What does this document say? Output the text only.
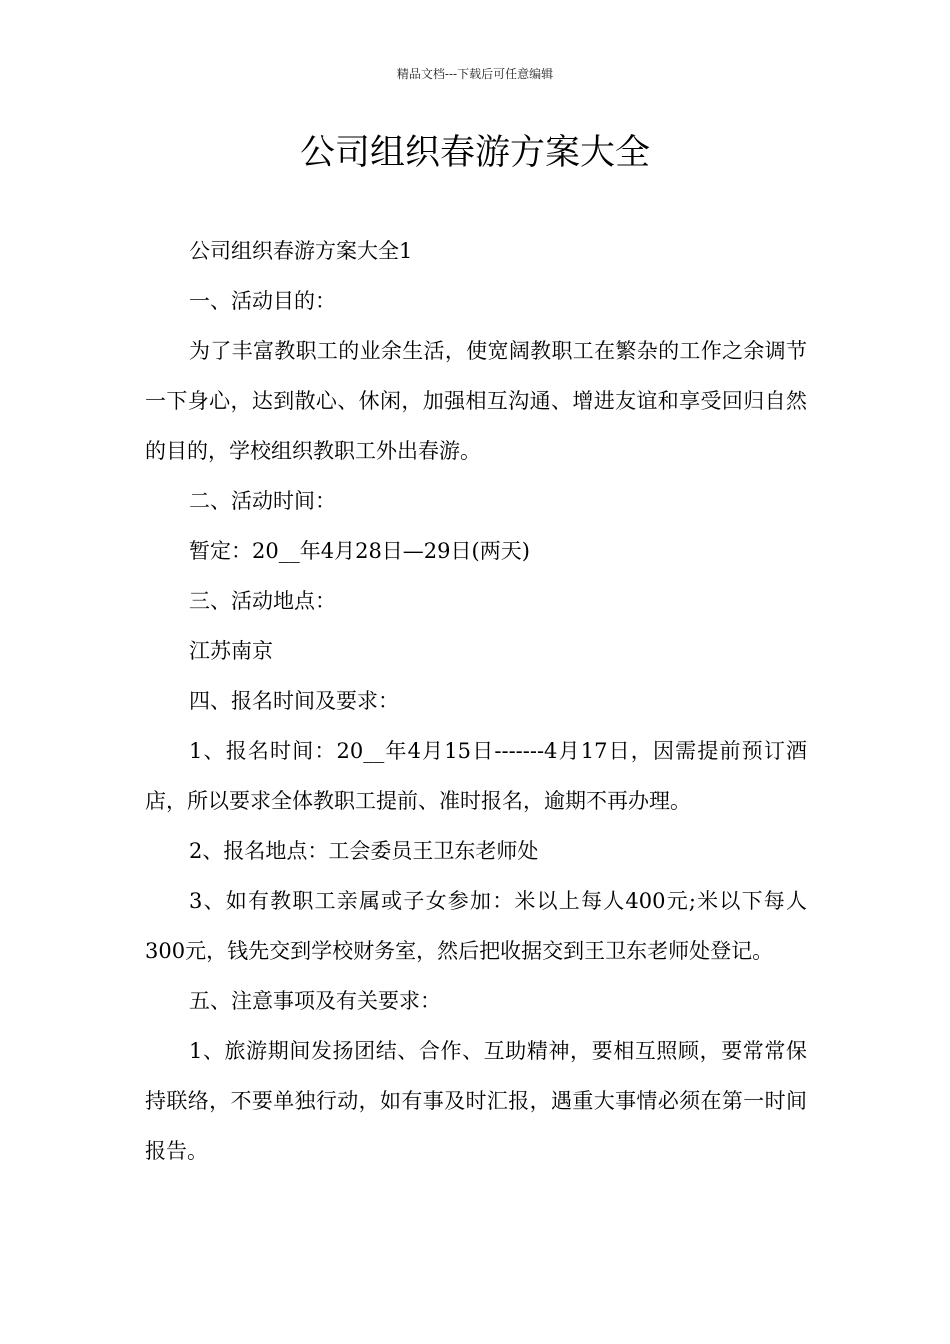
精品文档---下载后可任意编辑
公司组织春游方案大全

公司组织春游方案大全1

一、活动目的：

为了丰富教职工的业余生活，使宽阔教职工在繁杂的工作之余调节一下身心，达到散心、休闲，加强相互沟通、增进友谊和享受回归自然的目的，学校组织教职工外出春游。

二、活动时间：

暂定：20__年4月28日—29日(两天)

三、活动地点：

江苏南京

四、报名时间及要求：

1、报名时间：20__年4月15日-------4月17日，因需提前预订酒店，所以要求全体教职工提前、准时报名，逾期不再办理。

2、报名地点：工会委员王卫东老师处

3、如有教职工亲属或子女参加：米以上每人400元;米以下每人300元，钱先交到学校财务室，然后把收据交到王卫东老师处登记。

五、注意事项及有关要求：

1、旅游期间发扬团结、合作、互助精神，要相互照顾，要常常保持联络，不要单独行动，如有事及时汇报，遇重大事情必须在第一时间报告。
